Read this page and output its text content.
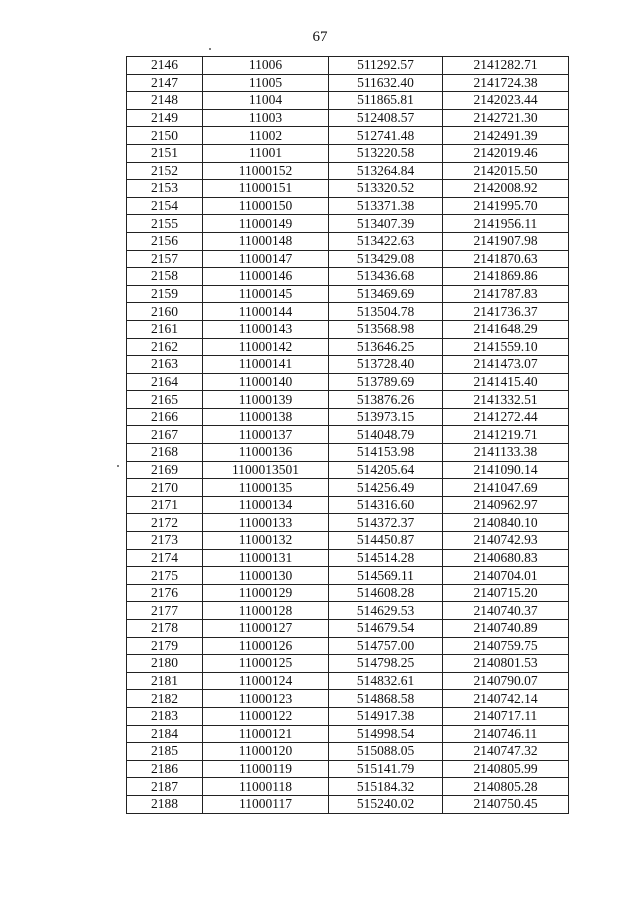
67
2146	11006	511292.57	2141282.71
2147	11005	511632.40	2141724.38
2148	11004	511865.81	2142023.44
2149	11003	512408.57	2142721.30
2150	11002	512741.48	2142491.39
2151	11001	513220.58	2142019.46
2152	11000152	513264.84	2142015.50
2153	11000151	513320.52	2142008.92
2154	11000150	513371.38	2141995.70
2155	11000149	513407.39	2141956.11
2156	11000148	513422.63	2141907.98
2157	11000147	513429.08	2141870.63
2158	11000146	513436.68	2141869.86
2159	11000145	513469.69	2141787.83
2160	11000144	513504.78	2141736.37
2161	11000143	513568.98	2141648.29
2162	11000142	513646.25	2141559.10
2163	11000141	513728.40	2141473.07
2164	11000140	513789.69	2141415.40
2165	11000139	513876.26	2141332.51
2166	11000138	513973.15	2141272.44
2167	11000137	514048.79	2141219.71
2168	11000136	514153.98	2141133.38
2169	1100013501	514205.64	2141090.14
2170	11000135	514256.49	2141047.69
2171	11000134	514316.60	2140962.97
2172	11000133	514372.37	2140840.10
2173	11000132	514450.87	2140742.93
2174	11000131	514514.28	2140680.83
2175	11000130	514569.11	2140704.01
2176	11000129	514608.28	2140715.20
2177	11000128	514629.53	2140740.37
2178	11000127	514679.54	2140740.89
2179	11000126	514757.00	2140759.75
2180	11000125	514798.25	2140801.53
2181	11000124	514832.61	2140790.07
2182	11000123	514868.58	2140742.14
2183	11000122	514917.38	2140717.11
2184	11000121	514998.54	2140746.11
2185	11000120	515088.05	2140747.32
2186	11000119	515141.79	2140805.99
2187	11000118	515184.32	2140805.28
2188	11000117	515240.02	2140750.45
